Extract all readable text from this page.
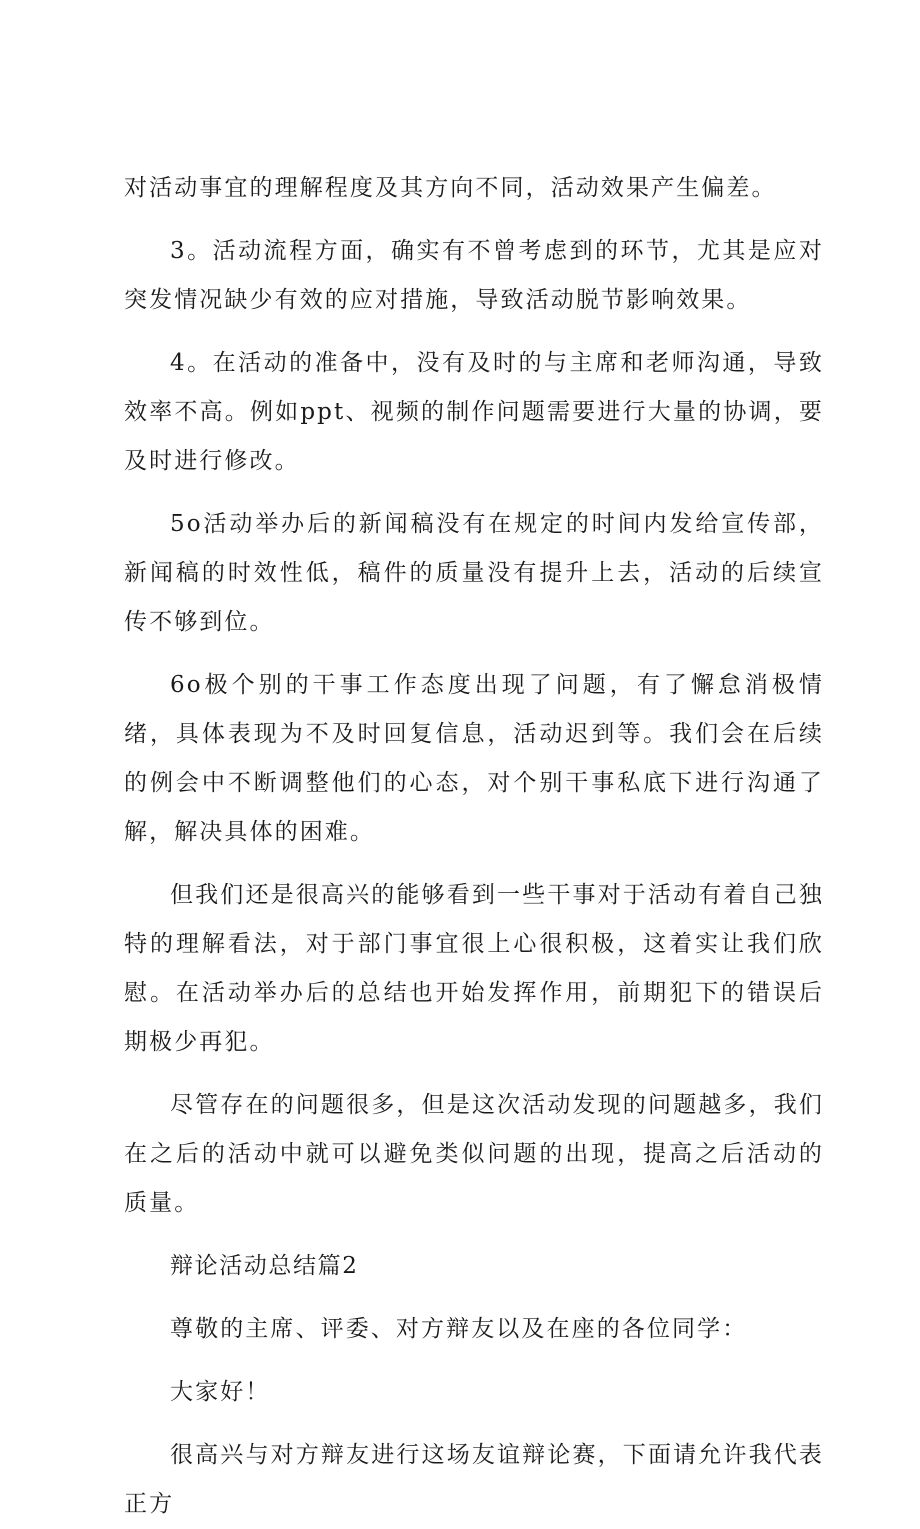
对活动事宜的理解程度及其方向不同，活动效果产生偏差。

3。活动流程方面，确实有不曾考虑到的环节，尤其是应对突发情况缺少有效的应对措施，导致活动脱节影响效果。

4。在活动的准备中，没有及时的与主席和老师沟通，导致效率不高。例如ppt、视频的制作问题需要进行大量的协调，要及时进行修改。

5o活动举办后的新闻稿没有在规定的时间内发给宣传部，新闻稿的时效性低，稿件的质量没有提升上去，活动的后续宣传不够到位。

6o极个别的干事工作态度出现了问题，有了懈怠消极情绪，具体表现为不及时回复信息，活动迟到等。我们会在后续的例会中不断调整他们的心态，对个别干事私底下进行沟通了解，解决具体的困难。

但我们还是很高兴的能够看到一些干事对于活动有着自己独特的理解看法，对于部门事宜很上心很积极，这着实让我们欣慰。在活动举办后的总结也开始发挥作用，前期犯下的错误后期极少再犯。

尽管存在的问题很多，但是这次活动发现的问题越多，我们在之后的活动中就可以避免类似问题的出现，提高之后活动的质量。

辩论活动总结篇2

尊敬的主席、评委、对方辩友以及在座的各位同学：

大家好！

很高兴与对方辩友进行这场友谊辩论赛，下面请允许我代表正方
